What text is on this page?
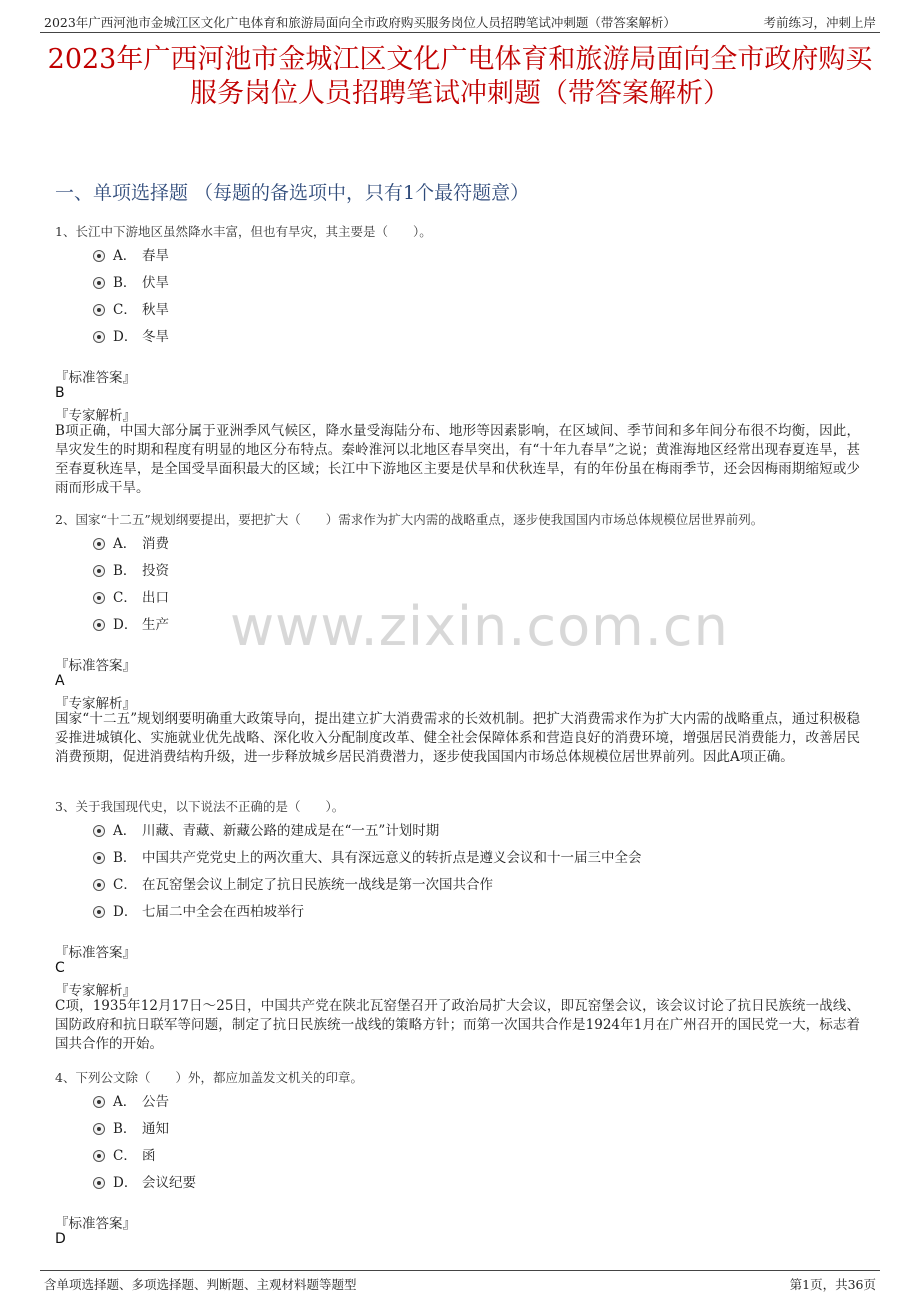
2023年广西河池市金城江区文化广电体育和旅游局面向全市政府购买服务岗位人员招聘笔试冲刺题（带答案解析）	考前练习，冲刺上岸
2023年广西河池市金城江区文化广电体育和旅游局面向全市政府购买服务岗位人员招聘笔试冲刺题（带答案解析）
一、单项选择题 （每题的备选项中，只有1个最符题意）
www.zixin.com.cn
1、长江中下游地区虽然降水丰富，但也有旱灾，其主要是（　　）。
A． 春旱
B． 伏旱
C． 秋旱
D． 冬旱
『标准答案』
B
『专家解析』
B项正确，中国大部分属于亚洲季风气候区，降水量受海陆分布、地形等因素影响，在区域间、季节间和多年间分布很不均衡，因此，旱灾发生的时期和程度有明显的地区分布特点。秦岭淮河以北地区春旱突出，有“十年九春旱”之说；黄淮海地区经常出现春夏连旱，甚至春夏秋连旱，是全国受旱面积最大的区域；长江中下游地区主要是伏旱和伏秋连旱，有的年份虽在梅雨季节，还会因梅雨期缩短或少雨而形成干旱。
2、国家“十二五”规划纲要提出，要把扩大（　　）需求作为扩大内需的战略重点，逐步使我国国内市场总体规模位居世界前列。
A． 消费
B． 投资
C． 出口
D． 生产
『标准答案』
A
『专家解析』
国家“十二五”规划纲要明确重大政策导向，提出建立扩大消费需求的长效机制。把扩大消费需求作为扩大内需的战略重点，通过积极稳妥推进城镇化、实施就业优先战略、深化收入分配制度改革、健全社会保障体系和营造良好的消费环境，增强居民消费能力，改善居民消费预期，促进消费结构升级，进一步释放城乡居民消费潜力，逐步使我国国内市场总体规模位居世界前列。因此A项正确。
3、关于我国现代史，以下说法不正确的是（　　）。
A． 川藏、青藏、新藏公路的建成是在“一五”计划时期
B． 中国共产党党史上的两次重大、具有深远意义的转折点是遵义会议和十一届三中全会
C． 在瓦窑堡会议上制定了抗日民族统一战线是第一次国共合作
D． 七届二中全会在西柏坡举行
『标准答案』
C
『专家解析』
C项，1935年12月17日～25日，中国共产党在陕北瓦窑堡召开了政治局扩大会议，即瓦窑堡会议，该会议讨论了抗日民族统一战线、国防政府和抗日联军等问题，制定了抗日民族统一战线的策略方针；而第一次国共合作是1924年1月在广州召开的国民党一大，标志着国共合作的开始。
4、下列公文除（　　）外，都应加盖发文机关的印章。
A． 公告
B． 通知
C． 函
D． 会议纪要
『标准答案』
D
含单项选择题、多项选择题、判断题、主观材料题等题型	第1页，共36页
